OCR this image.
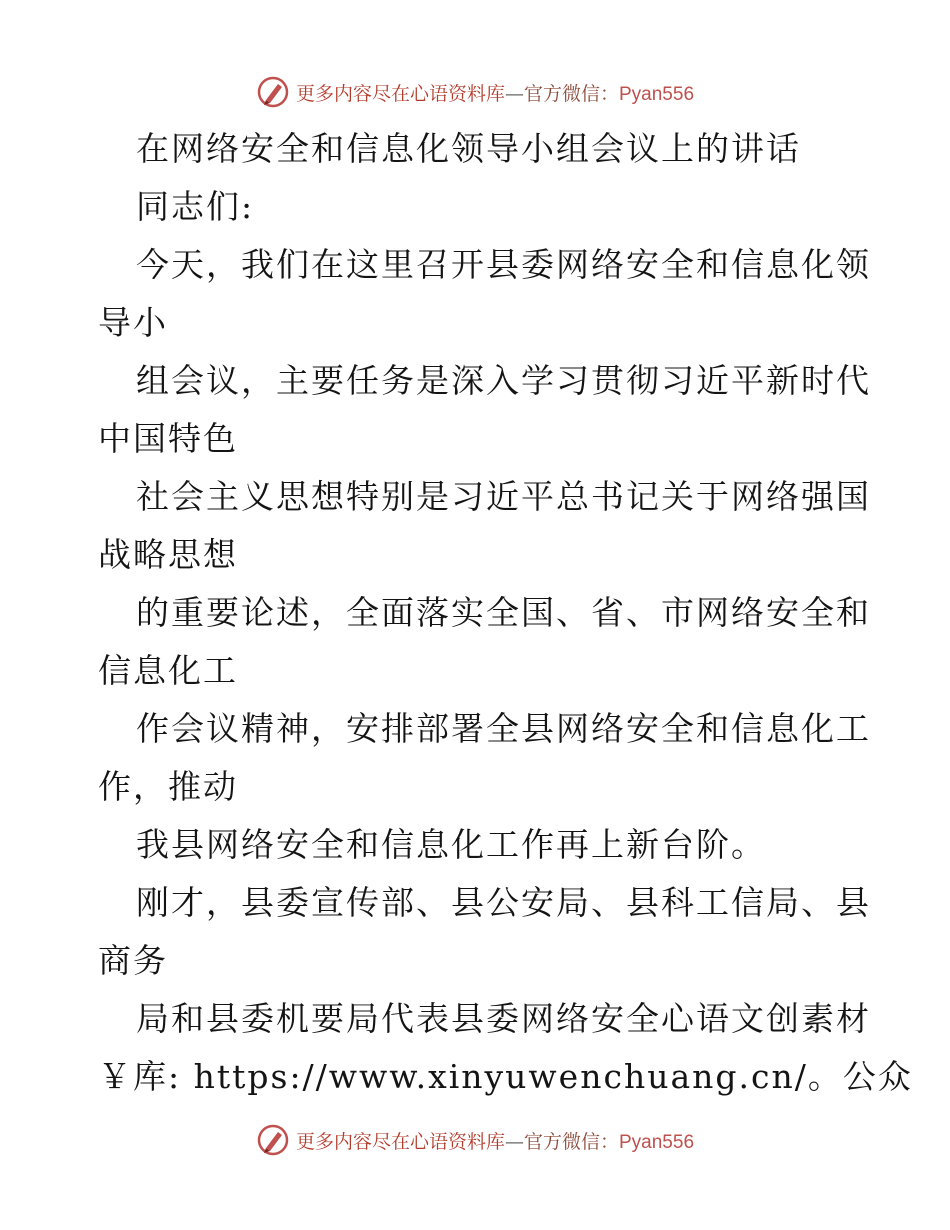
更多内容尽在心语资料库—官方微信：Pyan556
在网络安全和信息化领导小组会议上的讲话
同志们:
今天，我们在这里召开县委网络安全和信息化领
导小
组会议，主要任务是深入学习贯彻习近平新时代
中国特色
社会主义思想特别是习近平总书记关于网络强国
战略思想
的重要论述，全面落实全国、省、市网络安全和
信息化工
作会议精神，安排部署全县网络安全和信息化工
作，推动
我县网络安全和信息化工作再上新台阶。
刚才，县委宣传部、县公安局、县科工信局、县
商务
局和县委机要局代表县委网络安全心语文创素材
￥库: https://www.xinyuwenchuang.cn/。公众
更多内容尽在心语资料库—官方微信：Pyan556
